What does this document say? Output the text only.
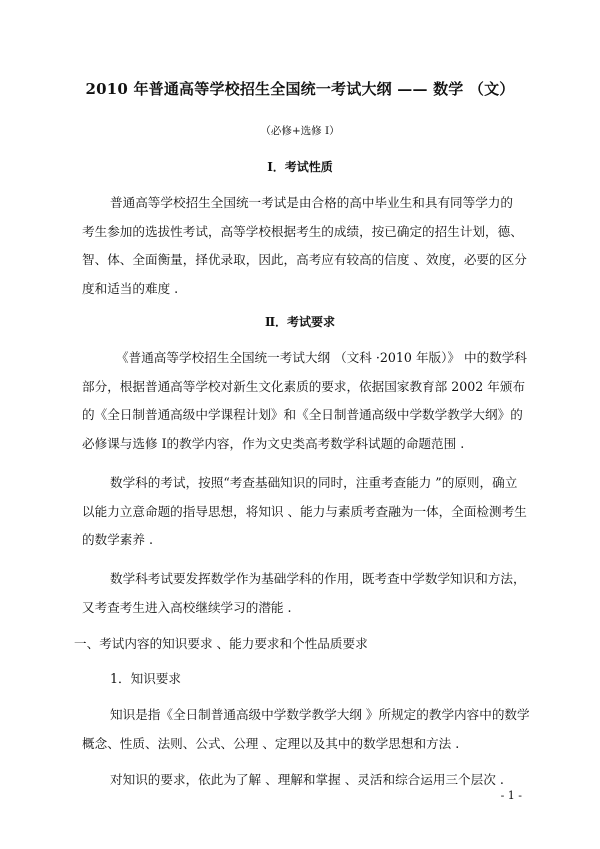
2010 年普通高等学校招生全国统一考试大纲 —— 数学 （文）
（必修+选修 Ⅰ）
Ⅰ．考试性质
普通高等学校招生全国统一考试是由合格的高中毕业生和具有同等学力的
考生参加的选拔性考试，高等学校根据考生的成绩，按已确定的招生计划，德、
智、体、全面衡量，择优录取，因此，高考应有较高的信度 、效度，必要的区分
度和适当的难度 .
Ⅱ．考试要求
《普通高等学校招生全国统一考试大纲 （文科 ·2010 年版）》 中的数学科
部分，根据普通高等学校对新生文化素质的要求，依据国家教育部 2002 年颁布
的《全日制普通高级中学课程计划》和《全日制普通高级中学数学教学大纲》的
必修课与选修 Ⅰ的教学内容，作为文史类高考数学科试题的命题范围 .
数学科的考试，按照“考查基础知识的同时，注重考查能力 ”的原则，确立
以能力立意命题的指导思想，将知识 、能力与素质考查融为一体，全面检测考生
的数学素养 .
数学科考试要发挥数学作为基础学科的作用，既考查中学数学知识和方法，
又考查考生进入高校继续学习的潜能 .
一、考试内容的知识要求 、能力要求和个性品质要求
1．知识要求
知识是指《全日制普通高级中学数学教学大纲 》所规定的教学内容中的数学
概念、性质、法则、公式、公理 、定理以及其中的数学思想和方法 .
对知识的要求，依此为了解 、理解和掌握 、灵活和综合运用三个层次 .
- 1 -
